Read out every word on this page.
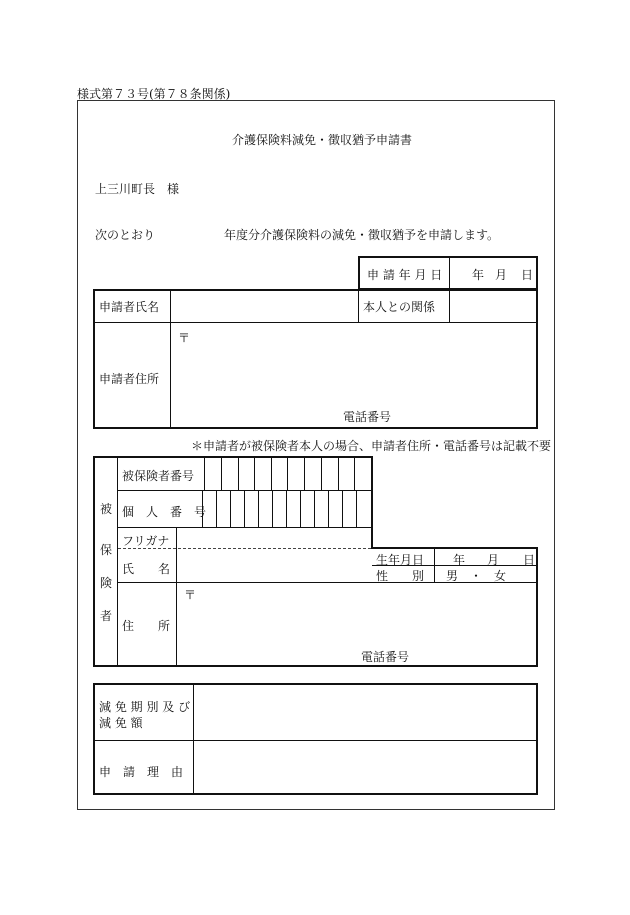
様式第７３号(第７８条関係)
介護保険料減免・徴収猶予申請書
上三川町長　様
次のとおり	年度分介護保険料の減免・徴収猶予を申請します。
申 請 年 月 日 年 月 日
申請者氏名	本人との関係
申請者住所
〒
電話番号
＊申請者が被保険者本人の場合、申請者住所・電話番号は記載不要
被
保
険
者
被保険者番号
個　人　番　号
フリガナ
氏　　名
生年月日 年 月 日
性　　別 男　・　女
住　　所
〒
電話番号
減 免 期 別 及 び
減 免 額
申　請　理　由
